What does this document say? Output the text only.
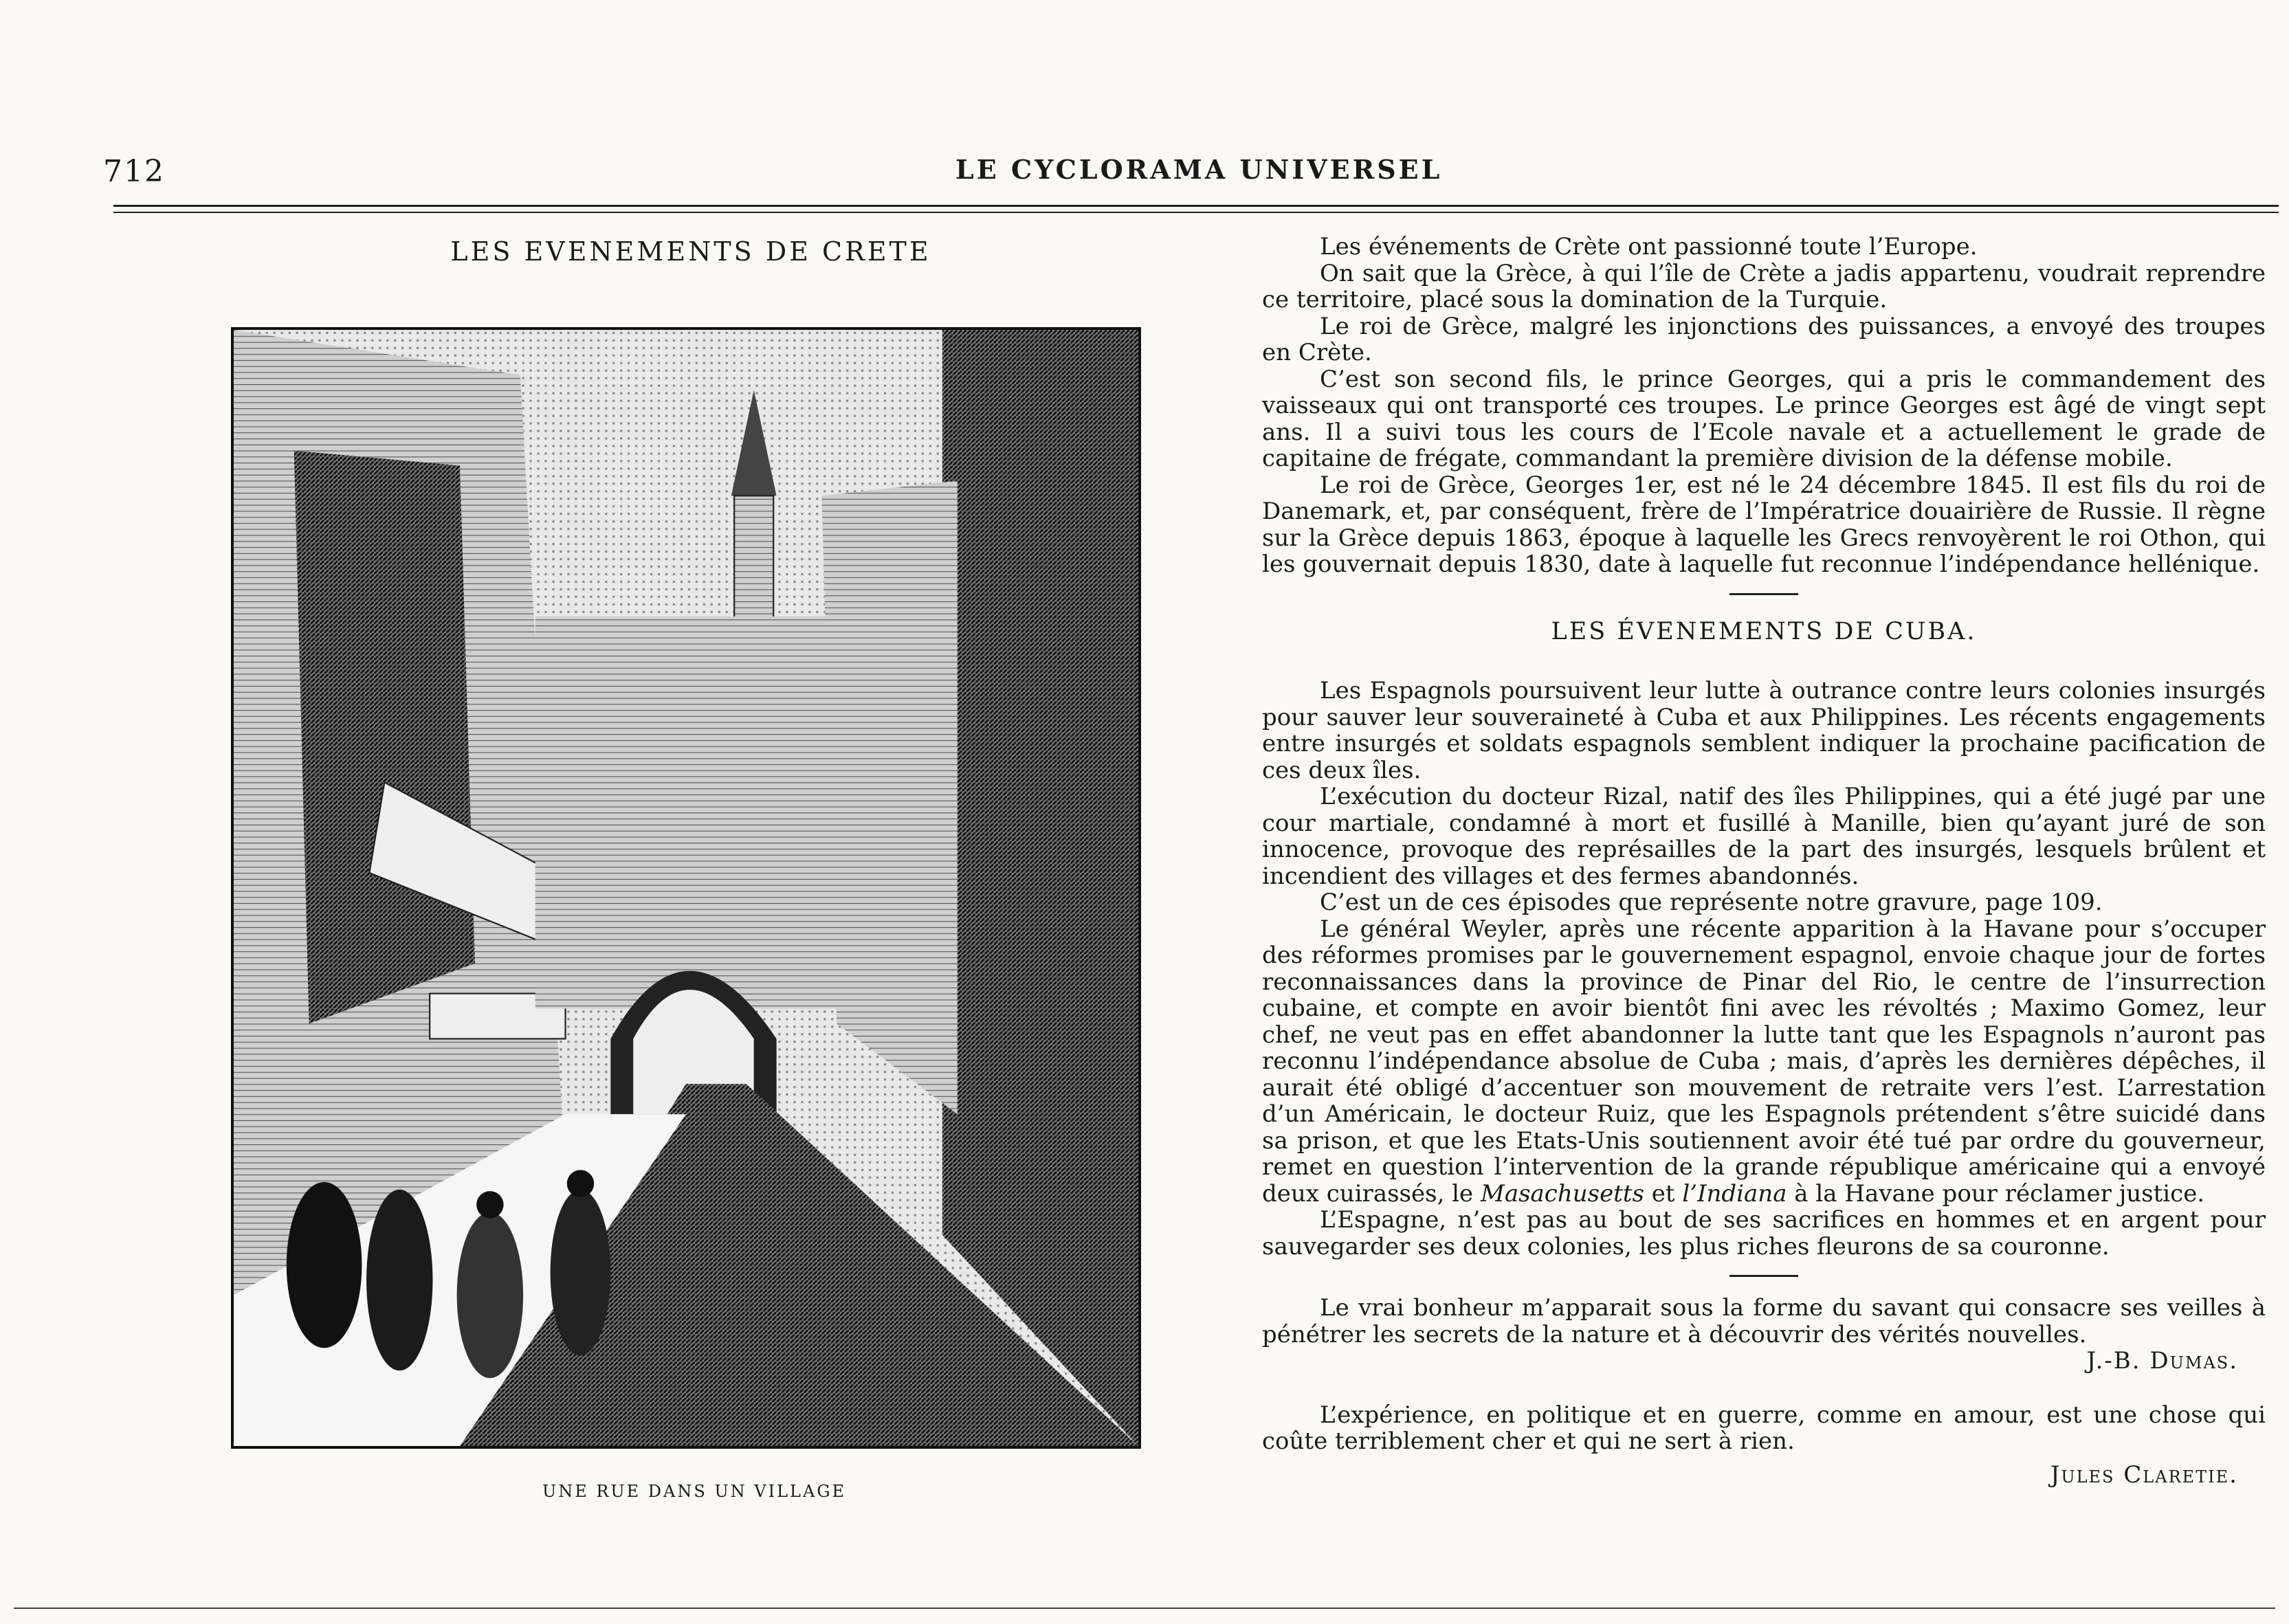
712	LE CYCLORAMA UNIVERSEL
LES EVENEMENTS DE CRETE
UNE RUE DANS UN VILLAGE

Les événements de Crète ont passionné toute l’Europe.

On sait que la Grèce, à qui l’île de Crète a jadis appartenu, voudrait reprendre ce territoire, placé sous la domination de la Turquie.

Le roi de Grèce, malgré les injonctions des puissances, a envoyé des troupes en Crète.

C’est son second fils, le prince Georges, qui a pris le commandement des vaisseaux qui ont transporté ces troupes. Le prince Georges est âgé de vingt sept ans. Il a suivi tous les cours de l’Ecole navale et a actuellement le grade de capitaine de frégate, commandant la première division de la défense mobile.

Le roi de Grèce, Georges 1er, est né le 24 décembre 1845. Il est fils du roi de Danemark, et, par conséquent, frère de l’Impératrice douairière de Russie. Il règne sur la Grèce depuis 1863, époque à laquelle les Grecs renvoyèrent le roi Othon, qui les gouvernait depuis 1830, date à laquelle fut reconnue l’indépendance hellénique.

LES ÉVENEMENTS DE CUBA.

Les Espagnols poursuivent leur lutte à outrance contre leurs colonies insurgés pour sauver leur souveraineté à Cuba et aux Philippines. Les récents engagements entre insurgés et soldats espagnols semblent indiquer la prochaine pacification de ces deux îles.

L’exécution du docteur Rizal, natif des îles Philippines, qui a été jugé par une cour martiale, condamné à mort et fusillé à Manille, bien qu’ayant juré de son innocence, provoque des représailles de la part des insurgés, lesquels brûlent et incendient des villages et des fermes abandonnés.

C’est un de ces épisodes que représente notre gravure, page 109.

Le général Weyler, après une récente apparition à la Havane pour s’occuper des réformes promises par le gouvernement espagnol, envoie chaque jour de fortes reconnaissances dans la province de Pinar del Rio, le centre de l’insurrection cubaine, et compte en avoir bientôt fini avec les révoltés ; Maximo Gomez, leur chef, ne veut pas en effet abandonner la lutte tant que les Espagnols n’auront pas reconnu l’indépendance absolue de Cuba ; mais, d’après les dernières dépêches, il aurait été obligé d’accentuer son mouvement de retraite vers l’est. L’arrestation d’un Américain, le docteur Ruiz, que les Espagnols prétendent s’être suicidé dans sa prison, et que les Etats-Unis soutiennent avoir été tué par ordre du gouverneur, remet en question l’intervention de la grande république américaine qui a envoyé deux cuirassés, le Masachusetts et l’Indiana à la Havane pour réclamer justice.

L’Espagne, n’est pas au bout de ses sacrifices en hommes et en argent pour sauvegarder ses deux colonies, les plus riches fleurons de sa couronne.

Le vrai bonheur m’apparait sous la forme du savant qui consacre ses veilles à pénétrer les secrets de la nature et à découvrir des vérités nouvelles.

J.-B. Dumas.

L’expérience, en politique et en guerre, comme en amour, est une chose qui coûte terriblement cher et qui ne sert à rien.

Jules Claretie.
